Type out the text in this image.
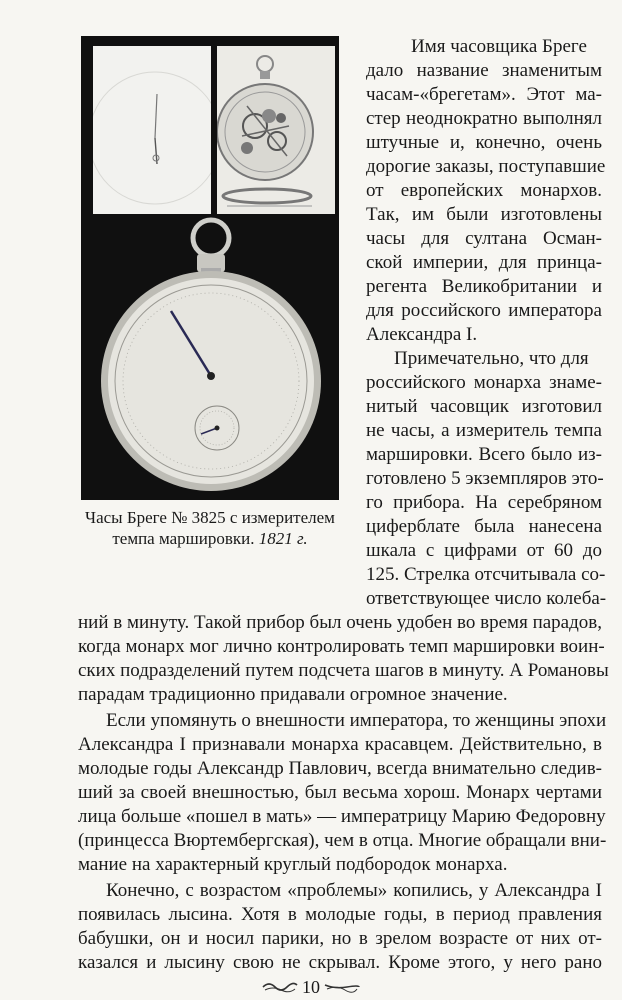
Часы Бреге № 3825 с измерителем темпа маршировки. 1821 г.

Имя часовщика Бреге

дало название знаменитым

часам-«брегетам». Этот ма-

стер неоднократно выполнял

штучные и, конечно, очень

дорогие заказы, поступавшие

от европейских монархов.

Так, им были изготовлены

часы для султана Осман-

ской империи, для принца-

регента Великобритании и

для российского императора

Александра I.

Примечательно, что для

российского монарха знаме-

нитый часовщик изготовил

не часы, а измеритель темпа

маршировки. Всего было из-

готовлено 5 экземпляров это-

го прибора. На серебряном

циферблате была нанесена

шкала с цифрами от 60 до

125. Стрелка отсчитывала со-

ответствующее число колеба-

ний в минуту. Такой прибор был очень удобен во время парадов,

когда монарх мог лично контролировать темп маршировки воин-

ских подразделений путем подсчета шагов в минуту. А Романовы

парадам традиционно придавали огромное значение.

Если упомянуть о внешности императора, то женщины эпохи

Александра I признавали монарха красавцем. Действительно, в

молодые годы Александр Павлович, всегда внимательно следив-

ший за своей внешностью, был весьма хорош. Монарх чертами

лица больше «пошел в мать» — императрицу Марию Федоровну

(принцесса Вюртембергская), чем в отца. Многие обращали вни-

мание на характерный круглый подбородок монарха.

Конечно, с возрастом «проблемы» копились, у Александра I

появилась лысина. Хотя в молодые годы, в период правления

бабушки, он и носил парики, но в зрелом возрасте от них от-

казался и лысину свою не скрывал. Кроме этого, у него рано

10
